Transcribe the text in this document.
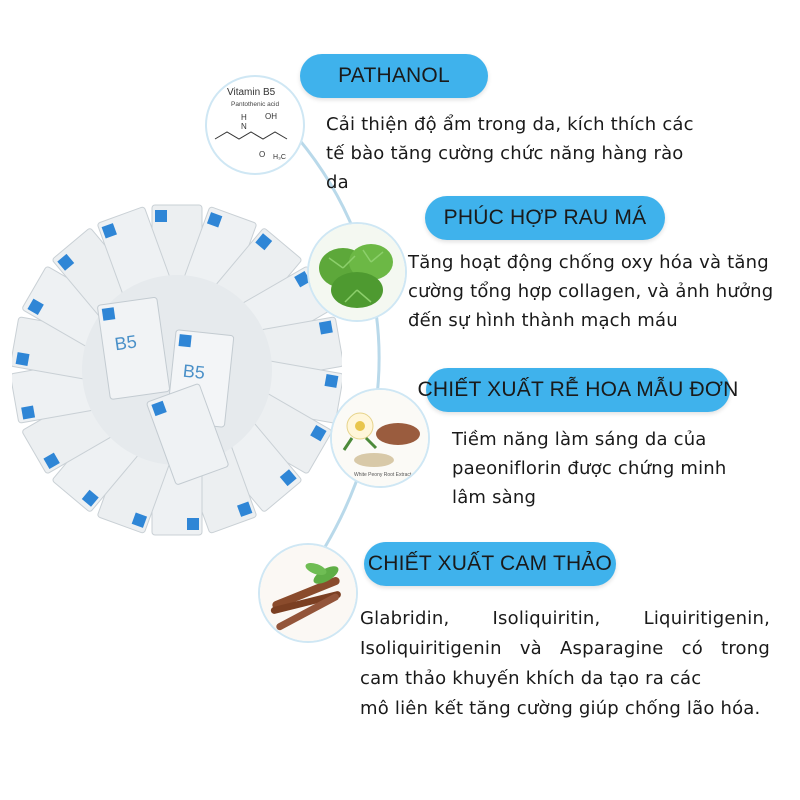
B5
B5
Vitamin B5
Pantothenic acid
OH
N
H
O H₃C
PATHANOL
Cải thiện độ ẩm trong da, kích thích các
tế bào tăng cường chức năng hàng rào
da
PHÚC HỢP RAU MÁ
Tăng hoạt động chống oxy hóa và tăng
cường tổng hợp collagen, và ảnh hưởng
đến sự hình thành mạch máu
White Peony Root Extract
CHIẾT XUẤT RỄ HOA MẪU ĐƠN
Tiềm năng làm sáng da của
paeoniflorin được chứng minh
lâm sàng
CHIẾT XUẤT CAM THẢO
Glabridin, Isoliquiritin, Liquiritigenin,
Isoliquiritigenin và Asparagine có trong
cam thảo khuyến khích da tạo ra các
mô liên kết tăng cường giúp chống lão hóa.
